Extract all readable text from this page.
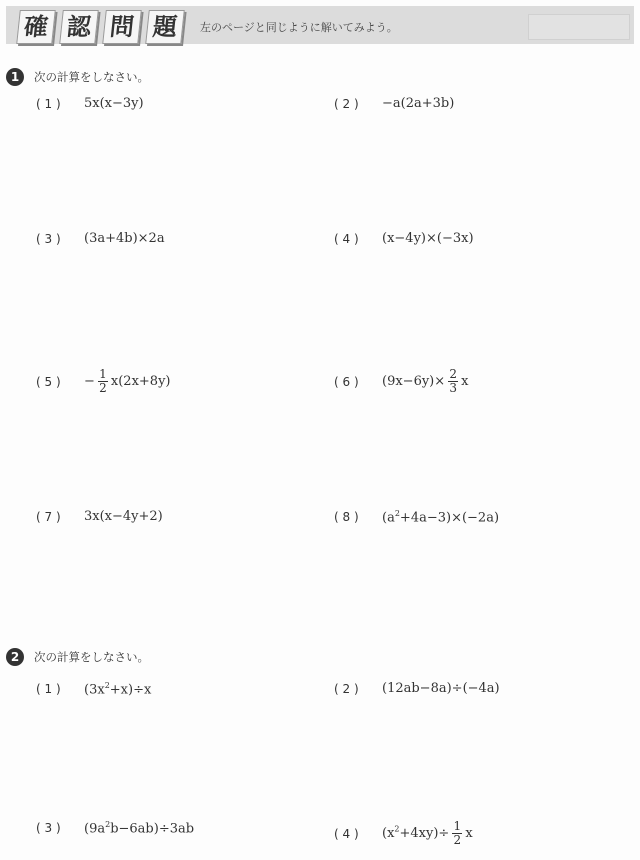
確 認 問 題	左のページと同じように解いてみよう。
1	次の計算をしなさい。
( 1 )	5x(x−3y)	( 2 )	−a(2a+3b)
( 3 )	(3a+4b)×2a	( 4 )	(x−4y)×(−3x)
( 5 )	− $\frac{1}{2} x(2x+8y)$	( 6 )	$(9x-6y)\times \frac{2}{3}$ x
( 7 )	3x(x−4y+2)	( 8 )	$(a^2+4a-3)\times(-2a)$
2	次の計算をしなさい。
( 1 )	$(3x^2+x)\div x$	( 2 )	(12ab−8a)÷(−4a)
( 3 )	$(9a^2b-6ab)\div 3ab$	( 4 )	$(x^2+4xy)\div \frac{1}{2}$ x
